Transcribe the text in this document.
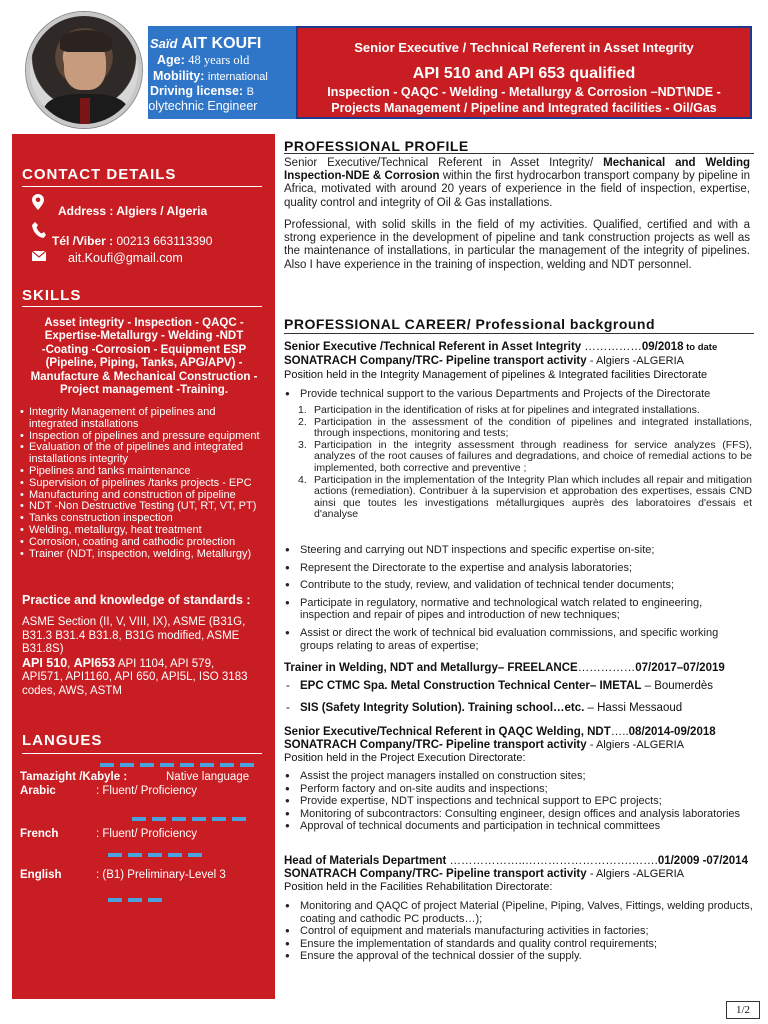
Saïd AIT KOUFI
Age: 48 years old
Mobility: international
Driving license: B
Polytechnic Engineer
Senior Executive / Technical Referent in Asset Integrity
API 510 and API 653 qualified
Inspection - QAQC - Welding - Metallurgy & Corrosion –NDT\NDE -
Projects Management / Pipeline and Integrated facilities - Oil/Gas
CONTACT DETAILS
Address : Algiers / Algeria
Tél /Viber : 00213 663113390
ait.Koufi@gmail.com
SKILLS
Asset integrity - Inspection - QAQC -
Expertise-Metallurgy - Welding -NDT
-Coating -Corrosion - Equipment ESP
(Pipeline, Piping, Tanks, APG/APV) -
Manufacture & Mechanical Construction -
Project management -Training.
• Integrity Management of pipelines and
integrated installations
• Inspection of pipelines and pressure equipment
• Evaluation of the of pipelines and integrated
installations integrity
• Pipelines and tanks maintenance
• Supervision of pipelines /tanks projects - EPC
• Manufacturing and construction of pipeline
• NDT -Non Destructive Testing (UT, RT, VT, PT)
• Tanks construction inspection
• Welding, metallurgy, heat treatment
• Corrosion, coating and cathodic protection
• Trainer (NDT, inspection, welding, Metallurgy)
Practice and knowledge of standards :
ASME Section (II, V, VIII, IX), ASME (B31G,
B31.3 B31.4 B31.8, B31G modified, ASME
B31.8S)
API 510, API653 API 1104, API 579,
API571, API1160, API 650, API5L, ISO 3183
codes, AWS, ASTM
LANGUES
Tamazight /Kabyle :	Native language
Arabic	: Fluent/ Proficiency
French	: Fluent/ Proficiency
English	: (B1) Preliminary-Level 3
PROFESSIONAL PROFILE
Senior Executive/Technical Referent in Asset Integrity/ Mechanical and Welding Inspection-NDE & Corrosion within the first hydrocarbon transport company by pipeline in Africa, motivated with around 20 years of experience in the field of inspection, expertise, quality control and integrity of Oil & Gas installations.
Professional, with solid skills in the field of my activities. Qualified, certified and with a strong experience in the development of pipeline and tank construction projects as well as the maintenance of installations, in particular the management of the integrity of pipelines. Also I have experience in the training of inspection, welding and NDT personnel.
PROFESSIONAL CAREER/ Professional background
Senior Executive /Technical Referent in Asset Integrity ……………09/2018 to date
SONATRACH Company/TRC- Pipeline transport activity - Algiers -ALGERIA
Position held in the Integrity Management of pipelines & Integrated facilities Directorate
● Provide technical support to the various Departments and Projects of the Directorate
1. Participation in the identification of risks at for pipelines and integrated installations.
2. Participation in the assessment of the condition of pipelines and integrated installations, through inspections, monitoring and tests;
3. Participation in the integrity assessment through readiness for service analyzes (FFS), analyzes of the root causes of failures and degradations, and choice of remedial actions to be implemented, both corrective and preventive ;
4. Participation in the implementation of the Integrity Plan which includes all repair and mitigation actions (remediation). Contribuer à la supervision et approbation des expertises, essais CND ainsi que toutes les investigations métallurgiques auprès des laboratoires d'essais et d'analyse
● Steering and carrying out NDT inspections and specific expertise on-site;
● Represent the Directorate to the expertise and analysis laboratories;
● Contribute to the study, review, and validation of technical tender documents;
● Participate in regulatory, normative and technological watch related to engineering, inspection and repair of pipes and introduction of new techniques;
● Assist or direct the work of technical bid evaluation commissions, and specific working groups relating to areas of expertise;
Trainer in Welding, NDT and Metallurgy– FREELANCE……………07/2017–07/2019
- EPC CTMC Spa. Metal Construction Technical Center– IMETAL – Boumerdès
- SIS (Safety Integrity Solution). Training school…etc. – Hassi Messaoud
Senior Executive/Technical Referent in QAQC Welding, NDT…..08/2014-09/2018
SONATRACH Company/TRC- Pipeline transport activity - Algiers -ALGERIA
Position held in the Project Execution Directorate:
● Assist the project managers installed on construction sites;
● Perform factory and on-site audits and inspections;
● Provide expertise, NDT inspections and technical support to EPC projects;
● Monitoring of subcontractors: Consulting engineer, design offices and analysis laboratories
● Approval of technical documents and participation in technical committees
Head of Materials Department ………………..……………………….…….01/2009 -07/2014
SONATRACH Company/TRC- Pipeline transport activity - Algiers -ALGERIA
Position held in the Facilities Rehabilitation Directorate:
● Monitoring and QAQC of project Material (Pipeline, Piping, Valves, Fittings, welding products, coating and cathodic PC products…);
● Control of equipment and materials manufacturing activities in factories;
● Ensure the implementation of standards and quality control requirements;
● Ensure the approval of the technical dossier of the supply.
1/2
